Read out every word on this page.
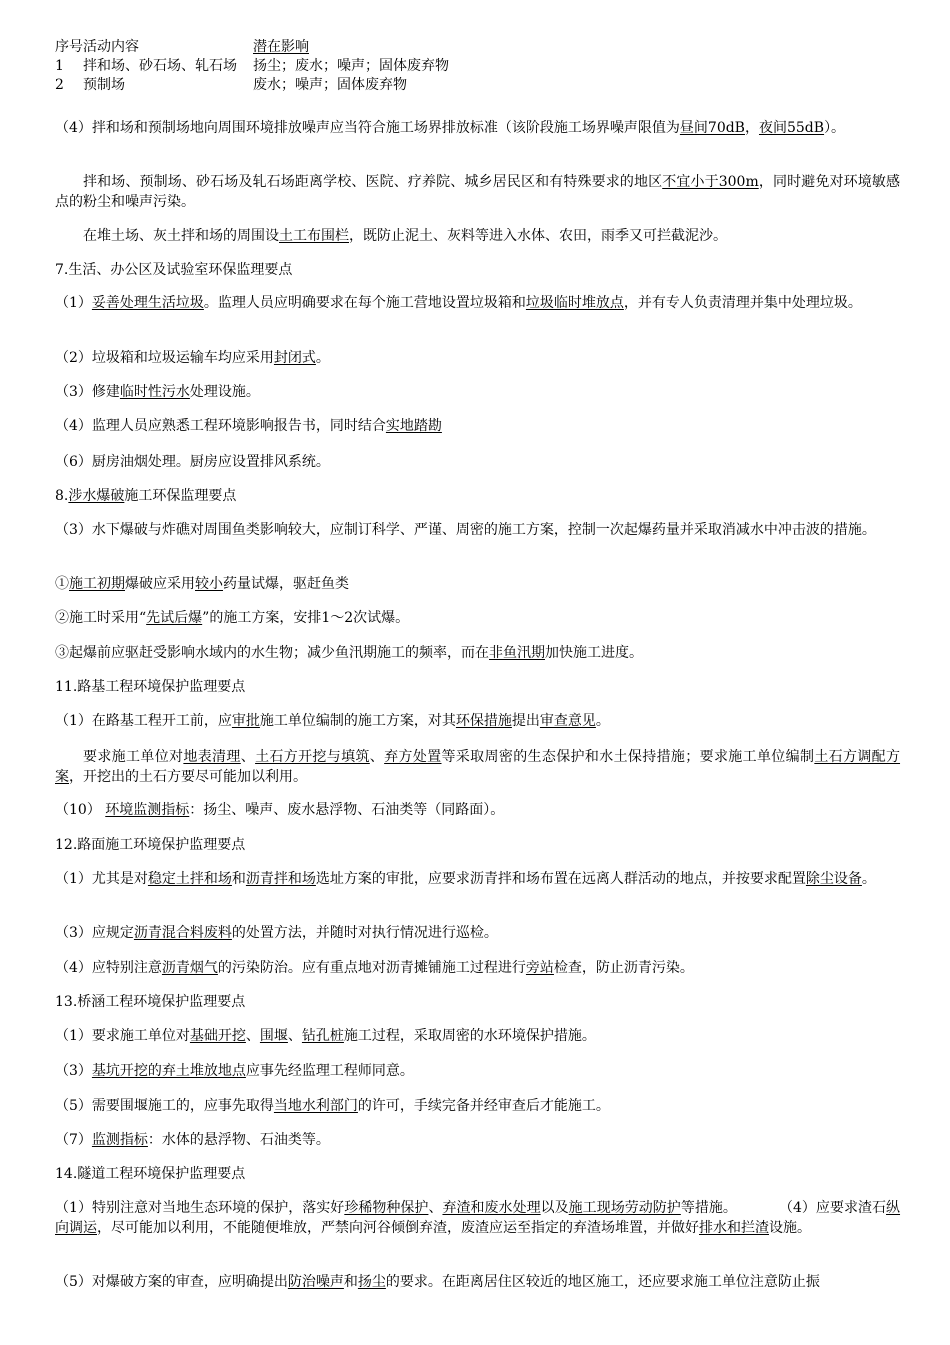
序号 活动内容	潜在影响
1 拌和场、砂石场、轧石场 扬尘；废水；噪声；固体废弃物
2 预制场	废水；噪声；固体废弃物

（4）拌和场和预制场地向周围环境排放噪声应当符合施工场界排放标准（该阶段施工场界噪声限值为昼间70dB，夜间55dB）。

拌和场、预制场、砂石场及轧石场距离学校、医院、疗养院、城乡居民区和有特殊要求的地区不宜小于300m，同时避免对环境敏感点的粉尘和噪声污染。

在堆土场、灰土拌和场的周围设土工布围栏，既防止泥土、灰料等进入水体、农田，雨季又可拦截泥沙。

7.生活、办公区及试验室环保监理要点

（1）妥善处理生活垃圾。监理人员应明确要求在每个施工营地设置垃圾箱和垃圾临时堆放点，并有专人负责清理并集中处理垃圾。

（2）垃圾箱和垃圾运输车均应采用封闭式。

（3）修建临时性污水处理设施。

（4）监理人员应熟悉工程环境影响报告书，同时结合实地踏勘

（6）厨房油烟处理。厨房应设置排风系统。

8.涉水爆破施工环保监理要点

（3）水下爆破与炸礁对周围鱼类影响较大，应制订科学、严谨、周密的施工方案，控制一次起爆药量并采取消减水中冲击波的措施。

①施工初期爆破应采用较小药量试爆，驱赶鱼类

②施工时采用“先试后爆”的施工方案，安排1～2次试爆。

③起爆前应驱赶受影响水域内的水生物；减少鱼汛期施工的频率，而在非鱼汛期加快施工进度。

11.路基工程环境保护监理要点

（1）在路基工程开工前，应审批施工单位编制的施工方案，对其环保措施提出审查意见。

要求施工单位对地表清理、土石方开挖与填筑、弃方处置等采取周密的生态保护和水土保持措施；要求施工单位编制土石方调配方案，开挖出的土石方要尽可能加以利用。

（10） 环境监测指标：扬尘、噪声、废水悬浮物、石油类等（同路面）。

12.路面施工环境保护监理要点

（1）尤其是对稳定土拌和场和沥青拌和场选址方案的审批，应要求沥青拌和场布置在远离人群活动的地点，并按要求配置除尘设备。

（3）应规定沥青混合料废料的处置方法，并随时对执行情况进行巡检。

（4）应特别注意沥青烟气的污染防治。应有重点地对沥青摊铺施工过程进行旁站检查，防止沥青污染。

13.桥涵工程环境保护监理要点

（1）要求施工单位对基础开挖、围堰、钻孔桩施工过程，采取周密的水环境保护措施。

（3）基坑开挖的弃土堆放地点应事先经监理工程师同意。

（5）需要围堰施工的，应事先取得当地水利部门的许可，手续完备并经审查后才能施工。

（7）监测指标：水体的悬浮物、石油类等。

14.隧道工程环境保护监理要点

（1）特别注意对当地生态环境的保护，落实好珍稀物种保护、弃渣和废水处理以及施工现场劳动防护等措施。　　　　（4）应要求渣石纵向调运，尽可能加以利用，不能随便堆放，严禁向河谷倾倒弃渣，废渣应运至指定的弃渣场堆置，并做好排水和拦渣设施。

（5）对爆破方案的审查，应明确提出防治噪声和扬尘的要求。在距离居住区较近的地区施工，还应要求施工单位注意防止振
